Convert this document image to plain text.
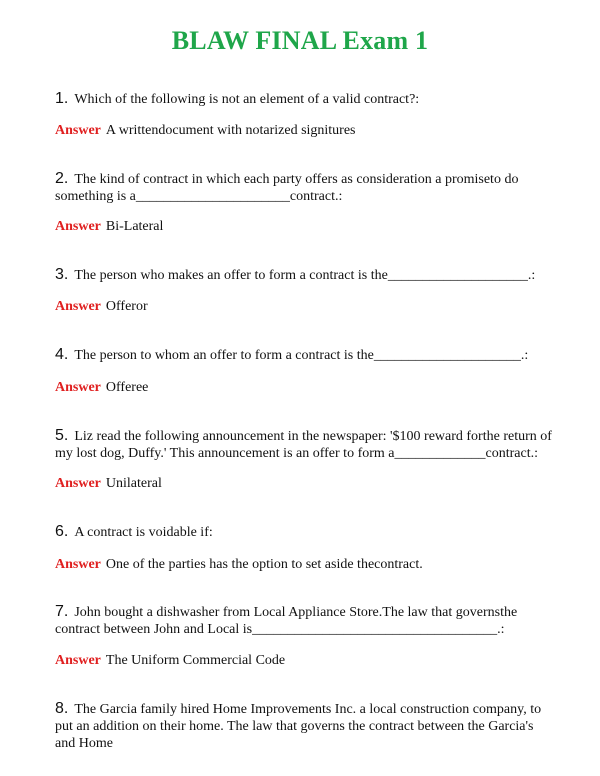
BLAW FINAL Exam 1
1. Which of the following is not an element of a valid contract?:
Answer A writtendocument with notarized signitures
2. The kind of contract in which each party offers as consideration a promiseto do something is a______________________contract.:
Answer Bi-Lateral
3. The person who makes an offer to form a contract is the____________________.:
Answer Offeror
4. The person to whom an offer to form a contract is the_____________________.:
Answer Offeree
5. Liz read the following announcement in the newspaper: '$100 reward forthe return of my lost dog, Duffy.' This announcement is an offer to form a_____________contract.:
Answer Unilateral
6. A contract is voidable if:
Answer One of the parties has the option to set aside thecontract.
7. John bought a dishwasher from Local Appliance Store.The law that governsthe contract between John and Local is___________________________________.:
Answer The Uniform Commercial Code
8. The Garcia family hired Home Improvements Inc. a local construction company, to put an addition on their home. The law that governs the contract between the Garcia's and Home
